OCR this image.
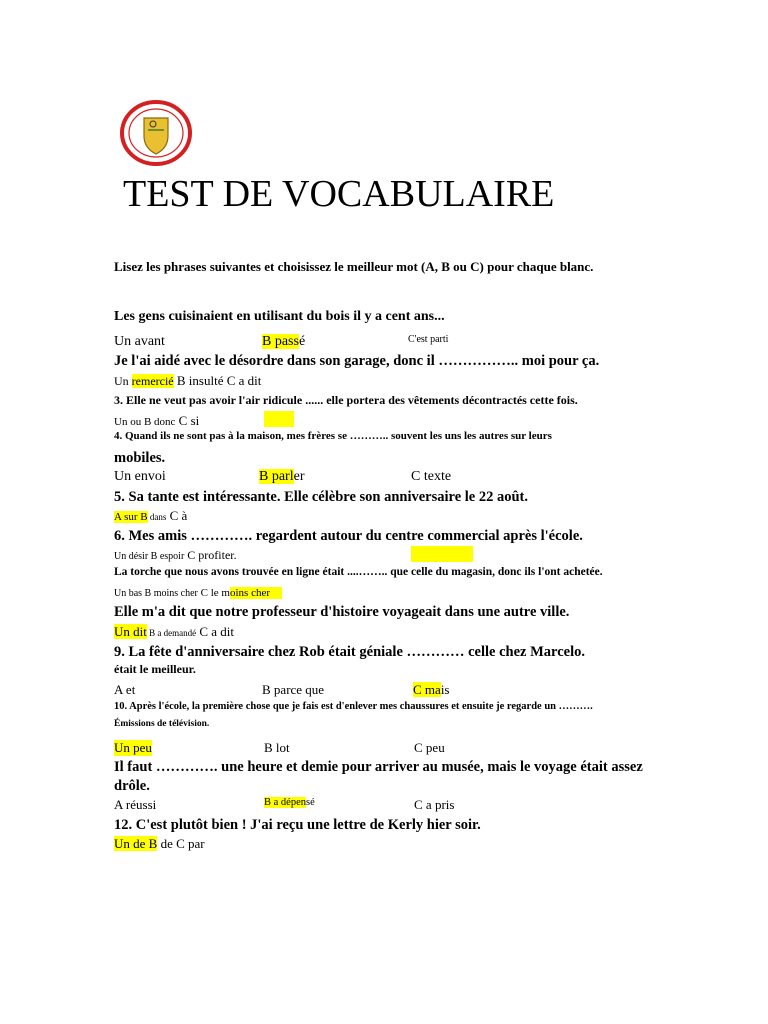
TEST DE VOCABULAIRE
Lisez les phrases suivantes et choisissez le meilleur mot (A, B ou C) pour chaque blanc.
Les gens cuisinaient en utilisant du bois il y a cent ans...
Un avant	B passé	C'est parti
Je l'ai aidé avec le désordre dans son garage, donc il …………….. moi pour ça.
Un remercié B insulté C a dit
3. Elle ne veut pas avoir l'air ridicule ...... elle portera des vêtements décontractés cette fois.
Un ou B donc C si
4. Quand ils ne sont pas à la maison, mes frères se ……….. souvent les uns les autres sur leurs
mobiles.
Un envoi	B parler	C texte
5. Sa tante est intéressante. Elle célèbre son anniversaire le 22 août.
A sur B dans C à
6. Mes amis …………. regardent autour du centre commercial après l'école.
Un désir B espoir C profiter.
La torche que nous avons trouvée en ligne était ....…….. que celle du magasin, donc ils l'ont achetée.
Un bas B moins cher C le moins cher
Elle m'a dit que notre professeur d'histoire voyageait dans une autre ville.
Un dit B a demandé C a dit
9. La fête d'anniversaire chez Rob était géniale ………… celle chez Marcelo.
était le meilleur.
A et	B parce que	C mais
10. Après l'école, la première chose que je fais est d'enlever mes chaussures et ensuite je regarde un ……….
Émissions de télévision.
Un peu	B lot	C peu
Il faut …………. une heure et demie pour arriver au musée, mais le voyage était assez
drôle.
A réussi	B a dépensé	C a pris
12. C'est plutôt bien ! J'ai reçu une lettre de Kerly hier soir.
Un de B de C par
